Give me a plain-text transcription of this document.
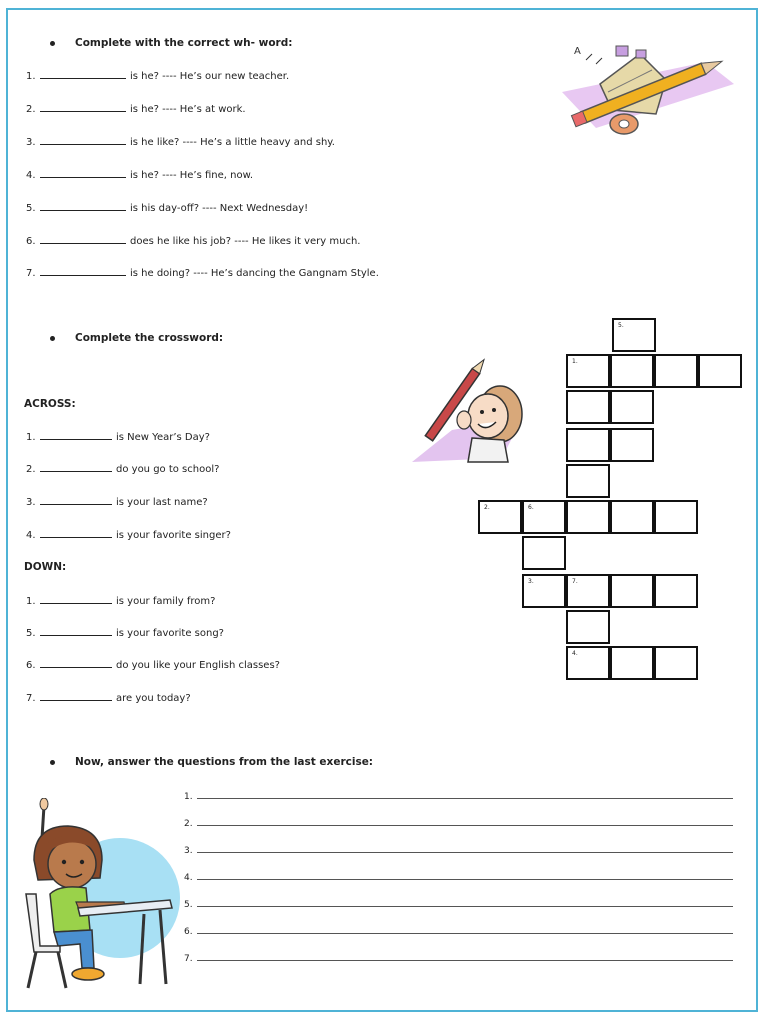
Complete with the correct wh- word:
1.	is he? ---- He’s our new teacher.
2.	is he? ---- He’s at work.
3.	is he like? ---- He’s a little heavy and shy.
4.	is he? ---- He’s fine, now.
5.	is his day-off? ---- Next Wednesday!
6.	does he like his job? ---- He likes it very much.
7.	is he doing? ---- He’s dancing the Gangnam Style.
A
Complete the crossword:
ACROSS:
1.	is New Year’s Day?
2.	do you go to school?
3.	is your last name?
4.	is your favorite singer?
DOWN:
1.	is your family from?
5.	is your favorite song?
6.	do you like your English classes?
7.	are you today?
5.
1.
2.	6.
3.	7.
4.
Now, answer the questions from the last exercise:
1.
2.
3.
4.
5.
6.
7.
